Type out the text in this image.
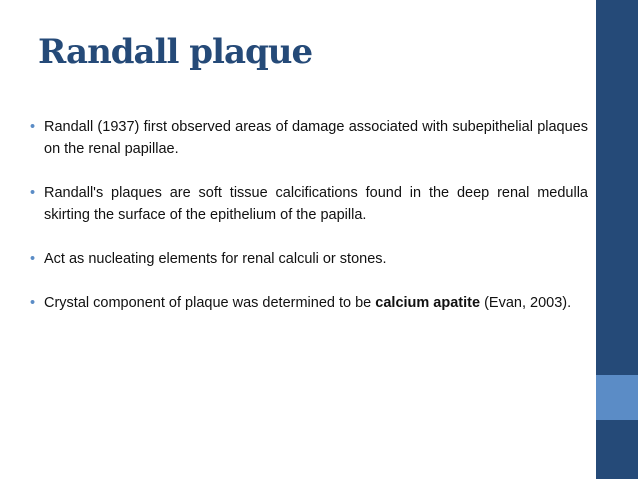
Randall plaque
• Randall (1937) first observed areas of damage associated with subepithelial plaques on the renal papillae.
• Randall's plaques are soft tissue calcifications found in the deep renal medulla skirting the surface of the epithelium of the papilla.
• Act as nucleating elements for renal calculi or stones.
• Crystal component of plaque was determined to be calcium apatite (Evan, 2003).
